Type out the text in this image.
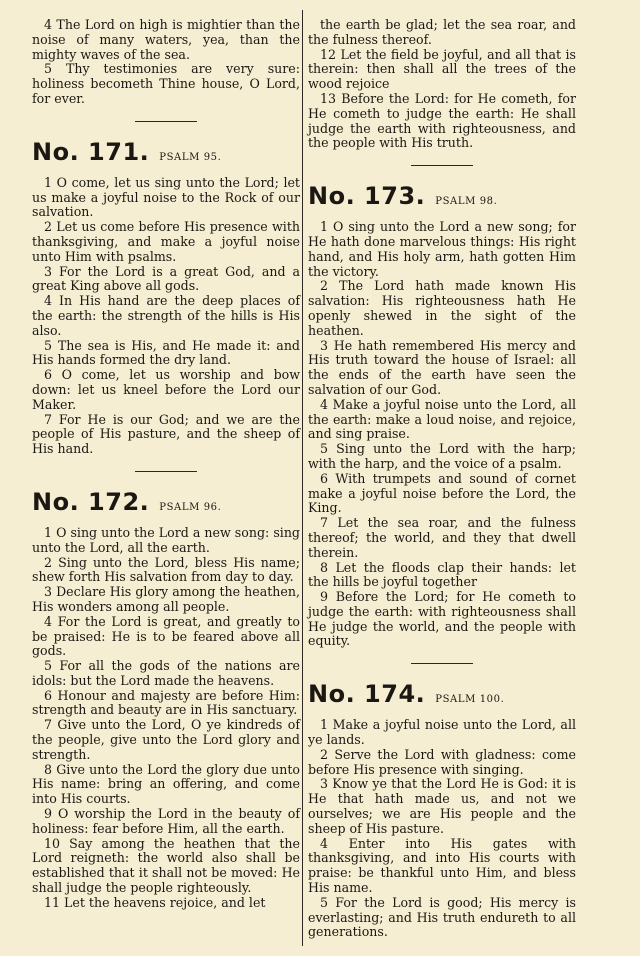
4 The Lord on high is mightier than the noise of many waters, yea, than the mighty waves of the sea.

5 Thy testimonies are very sure: holiness becometh Thine house, O Lord, for ever.

No. 171. PSALM 95.

1 O come, let us sing unto the Lord; let us make a joyful noise to the Rock of our salvation.

2 Let us come before His presence with thanksgiving, and make a joyful noise unto Him with psalms.

3 For the Lord is a great God, and a great King above all gods.

4 In His hand are the deep places of the earth: the strength of the hills is His also.

5 The sea is His, and He made it: and His hands formed the dry land.

6 O come, let us worship and bow down: let us kneel before the Lord our Maker.

7 For He is our God; and we are the people of His pasture, and the sheep of His hand.

No. 172. PSALM 96.

1 O sing unto the Lord a new song: sing unto the Lord, all the earth.

2 Sing unto the Lord, bless His name; shew forth His salvation from day to day.

3 Declare His glory among the heathen, His wonders among all people.

4 For the Lord is great, and greatly to be praised: He is to be feared above all gods.

5 For all the gods of the nations are idols: but the Lord made the heavens.

6 Honour and majesty are before Him: strength and beauty are in His sanctuary.

7 Give unto the Lord, O ye kindreds of the people, give unto the Lord glory and strength.

8 Give unto the Lord the glory due unto His name: bring an offering, and come into His courts.

9 O worship the Lord in the beauty of holiness: fear before Him, all the earth.

10 Say among the heathen that the Lord reigneth: the world also shall be established that it shall not be moved: He shall judge the people righteously.

11 Let the heavens rejoice, and let

the earth be glad; let the sea roar, and the fulness thereof.

12 Let the field be joyful, and all that is therein: then shall all the trees of the wood rejoice

13 Before the Lord: for He cometh, for He cometh to judge the earth: He shall judge the earth with righteousness, and the people with His truth.

No. 173. PSALM 98.

1 O sing unto the Lord a new song; for He hath done marvelous things: His right hand, and His holy arm, hath gotten Him the victory.

2 The Lord hath made known His salvation: His righteousness hath He openly shewed in the sight of the heathen.

3 He hath remembered His mercy and His truth toward the house of Israel: all the ends of the earth have seen the salvation of our God.

4 Make a joyful noise unto the Lord, all the earth: make a loud noise, and rejoice, and sing praise.

5 Sing unto the Lord with the harp; with the harp, and the voice of a psalm.

6 With trumpets and sound of cornet make a joyful noise before the Lord, the King.

7 Let the sea roar, and the fulness thereof; the world, and they that dwell therein.

8 Let the floods clap their hands: let the hills be joyful together

9 Before the Lord; for He cometh to judge the earth: with righteousness shall He judge the world, and the people with equity.

No. 174. PSALM 100.

1 Make a joyful noise unto the Lord, all ye lands.

2 Serve the Lord with gladness: come before His presence with singing.

3 Know ye that the Lord He is God: it is He that hath made us, and not we ourselves; we are His people and the sheep of His pasture.

4 Enter into His gates with thanksgiving, and into His courts with praise: be thankful unto Him, and bless His name.

5 For the Lord is good; His mercy is everlasting; and His truth endureth to all generations.
